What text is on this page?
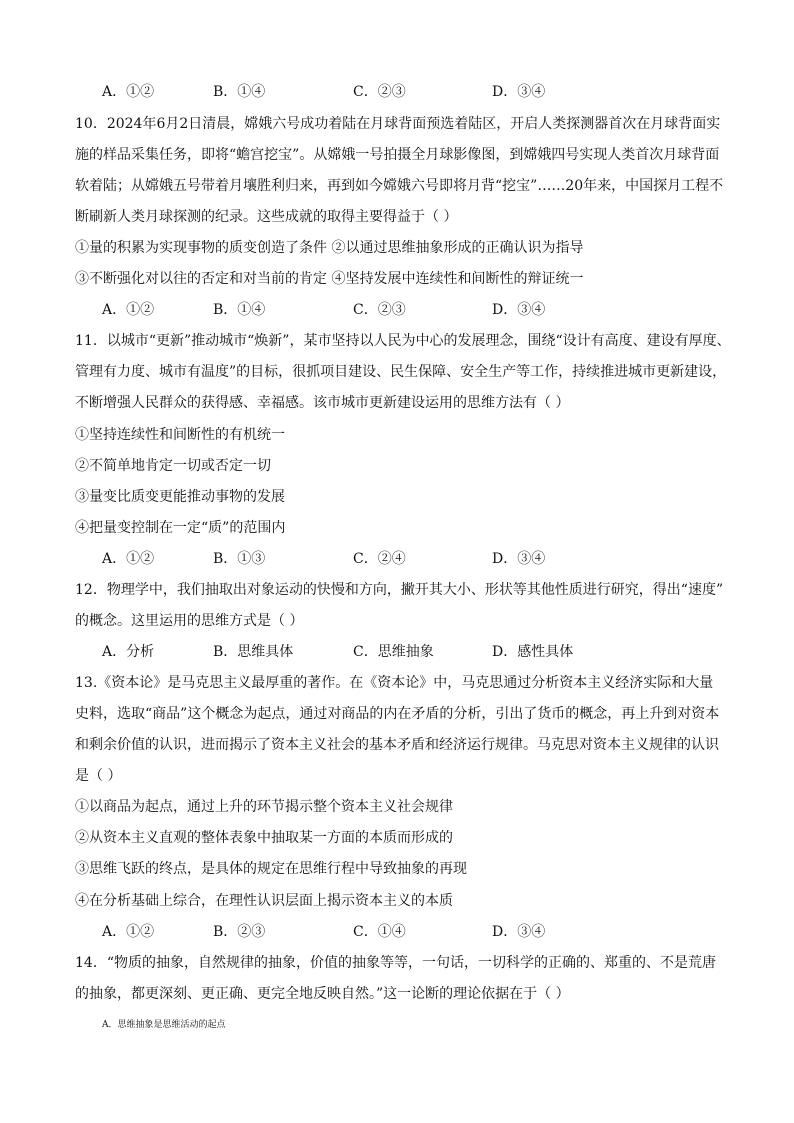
A．①②	B．①④	C．②③	D．③④
10．2024年6月2日清晨，嫦娥六号成功着陆在月球背面预选着陆区，开启人类探测器首次在月球背面实
施的样品采集任务，即将“蟾宫挖宝”。从嫦娥一号拍摄全月球影像图，到嫦娥四号实现人类首次月球背面
软着陆；从嫦娥五号带着月壤胜利归来，再到如今嫦娥六号即将月背“挖宝”……20年来，中国探月工程不
断刷新人类月球探测的纪录。这些成就的取得主要得益于（ ）
①量的积累为实现事物的质变创造了条件 ②以通过思维抽象形成的正确认识为指导
③不断强化对以往的否定和对当前的肯定 ④坚持发展中连续性和间断性的辩证统一
A．①②	B．①④	C．②③	D．③④
11．以城市“更新”推动城市“焕新”，某市坚持以人民为中心的发展理念，围绕“设计有高度、建设有厚度、
管理有力度、城市有温度”的目标，很抓项目建设、民生保障、安全生产等工作，持续推进城市更新建设，
不断增强人民群众的获得感、幸福感。该市城市更新建设运用的思维方法有（ ）
①坚持连续性和间断性的有机统一
②不简单地肯定一切或否定一切
③量变比质变更能推动事物的发展
④把量变控制在一定“质”的范围内
A．①②	B．①③	C．②④	D．③④
12．物理学中，我们抽取出对象运动的快慢和方向，撇开其大小、形状等其他性质进行研究，得出“速度”
的概念。这里运用的思维方式是（ ）
A．分析	B．思维具体	C．思维抽象	D．感性具体
13.《资本论》是马克思主义最厚重的著作。在《资本论》中，马克思通过分析资本主义经济实际和大量
史料，选取“商品”这个概念为起点，通过对商品的内在矛盾的分析，引出了货币的概念，再上升到对资本
和剩余价值的认识，进而揭示了资本主义社会的基本矛盾和经济运行规律。马克思对资本主义规律的认识
是（ ）
①以商品为起点，通过上升的环节揭示整个资本主义社会规律
②从资本主义直观的整体表象中抽取某一方面的本质而形成的
③思维飞跃的终点，是具体的规定在思维行程中导致抽象的再现
④在分析基础上综合，在理性认识层面上揭示资本主义的本质
A．①②	B．②③	C．①④	D．③④
14．“物质的抽象，自然规律的抽象，价值的抽象等等，一句话，一切科学的正确的、郑重的、不是荒唐
的抽象，都更深刻、更正确、更完全地反映自然。”这一论断的理论依据在于（ ）
A．思维抽象是思维活动的起点
